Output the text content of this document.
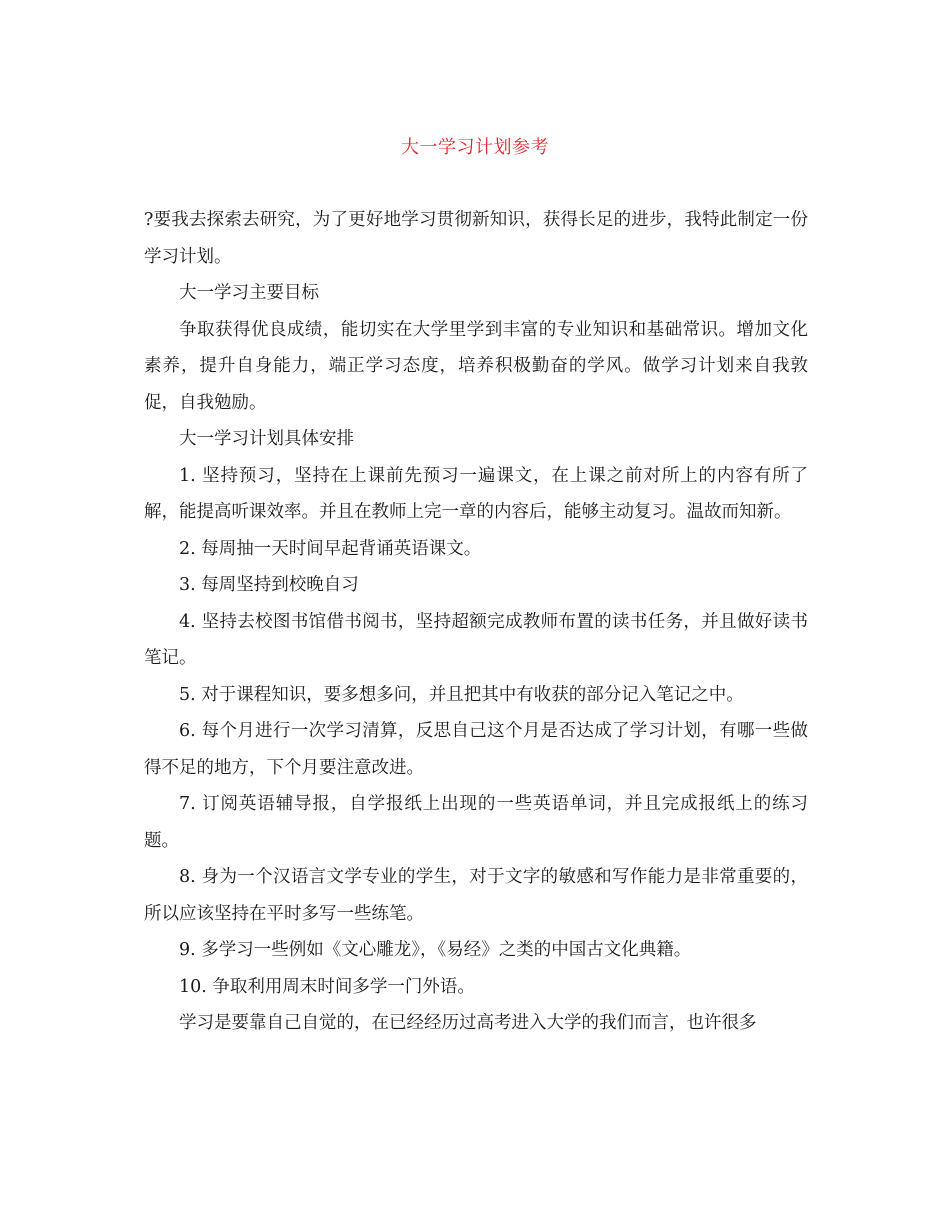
大一学习计划参考

?要我去探索去研究，为了更好地学习贯彻新知识，获得长足的进步，我特此制定一份学习计划。

大一学习主要目标

争取获得优良成绩，能切实在大学里学到丰富的专业知识和基础常识。增加文化素养，提升自身能力，端正学习态度，培养积极勤奋的学风。做学习计划来自我敦促，自我勉励。

大一学习计划具体安排

1. 坚持预习，坚持在上课前先预习一遍课文，在上课之前对所上的内容有所了解，能提高听课效率。并且在教师上完一章的内容后，能够主动复习。温故而知新。

2. 每周抽一天时间早起背诵英语课文。

3. 每周坚持到校晚自习

4. 坚持去校图书馆借书阅书，坚持超额完成教师布置的读书任务，并且做好读书笔记。

5. 对于课程知识，要多想多问，并且把其中有收获的部分记入笔记之中。

6. 每个月进行一次学习清算，反思自己这个月是否达成了学习计划，有哪一些做得不足的地方，下个月要注意改进。

7. 订阅英语辅导报，自学报纸上出现的一些英语单词，并且完成报纸上的练习题。

8. 身为一个汉语言文学专业的学生，对于文字的敏感和写作能力是非常重要的，所以应该坚持在平时多写一些练笔。

9. 多学习一些例如《文心雕龙》，《易经》之类的中国古文化典籍。

10. 争取利用周末时间多学一门外语。

学习是要靠自己自觉的，在已经经历过高考进入大学的我们而言，也许很多
